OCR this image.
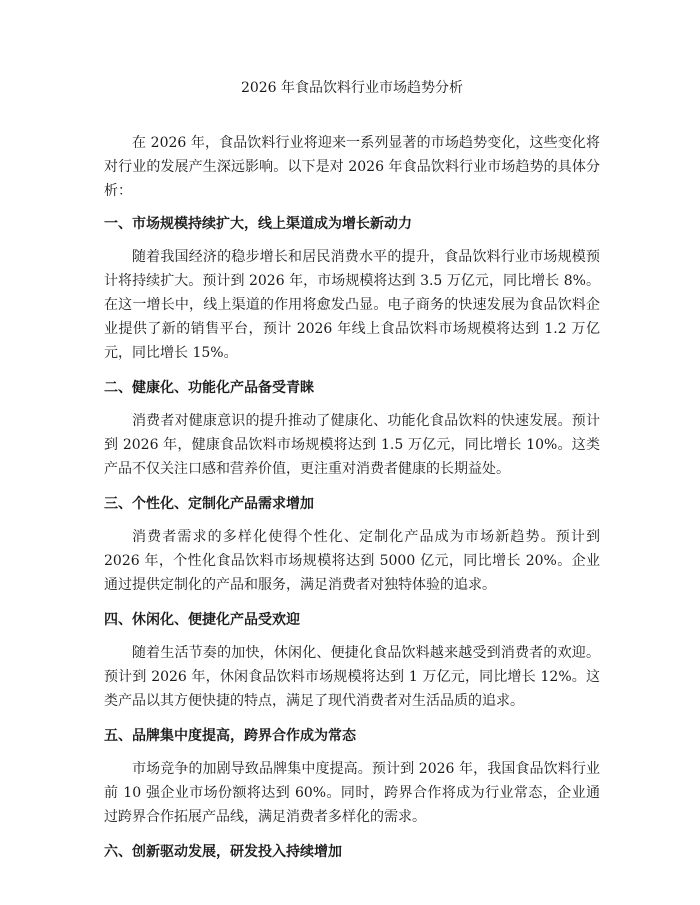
2026 年食品饮料行业市场趋势分析

在 2026 年，食品饮料行业将迎来一系列显著的市场趋势变化，这些变化将对行业的发展产生深远影响。以下是对 2026 年食品饮料行业市场趋势的具体分析：

一、市场规模持续扩大，线上渠道成为增长新动力

随着我国经济的稳步增长和居民消费水平的提升，食品饮料行业市场规模预计将持续扩大。预计到 2026 年，市场规模将达到 3.5 万亿元，同比增长 8%。在这一增长中，线上渠道的作用将愈发凸显。电子商务的快速发展为食品饮料企业提供了新的销售平台，预计 2026 年线上食品饮料市场规模将达到 1.2 万亿元，同比增长 15%。

二、健康化、功能化产品备受青睐

消费者对健康意识的提升推动了健康化、功能化食品饮料的快速发展。预计到 2026 年，健康食品饮料市场规模将达到 1.5 万亿元，同比增长 10%。这类产品不仅关注口感和营养价值，更注重对消费者健康的长期益处。

三、个性化、定制化产品需求增加

消费者需求的多样化使得个性化、定制化产品成为市场新趋势。预计到 2026 年，个性化食品饮料市场规模将达到 5000 亿元，同比增长 20%。企业通过提供定制化的产品和服务，满足消费者对独特体验的追求。

四、休闲化、便捷化产品受欢迎

随着生活节奏的加快，休闲化、便捷化食品饮料越来越受到消费者的欢迎。预计到 2026 年，休闲食品饮料市场规模将达到 1 万亿元，同比增长 12%。这类产品以其方便快捷的特点，满足了现代消费者对生活品质的追求。

五、品牌集中度提高，跨界合作成为常态

市场竞争的加剧导致品牌集中度提高。预计到 2026 年，我国食品饮料行业前 10 强企业市场份额将达到 60%。同时，跨界合作将成为行业常态，企业通过跨界合作拓展产品线，满足消费者多样化的需求。

六、创新驱动发展，研发投入持续增加
